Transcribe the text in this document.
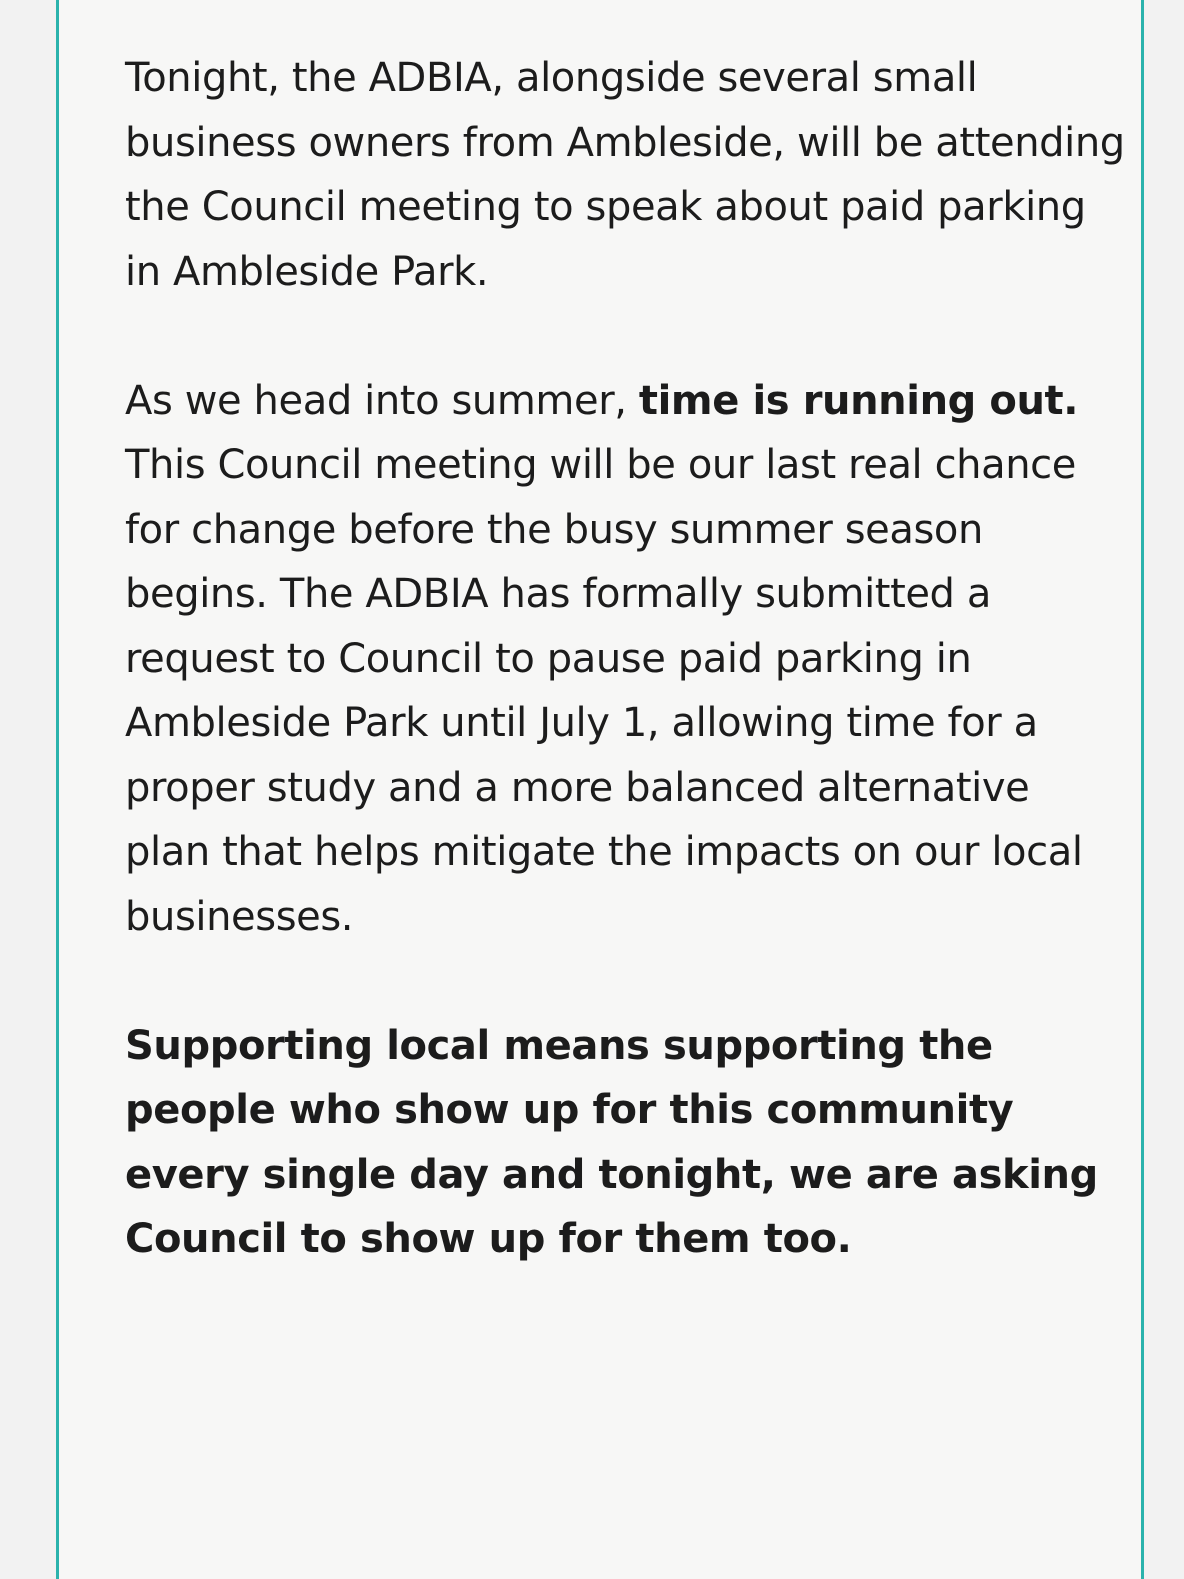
Tonight, the ADBIA, alongside several small business owners from Ambleside, will be attending the Council meeting to speak about paid parking in Ambleside Park.

As we head into summer, time is running out. This Council meeting will be our last real chance for change before the busy summer season begins. The ADBIA has formally submitted a request to Council to pause paid parking in Ambleside Park until July 1, allowing time for a proper study and a more balanced alternative plan that helps mitigate the impacts on our local businesses.

Supporting local means supporting the people who show up for this community every single day and tonight, we are asking Council to show up for them too.
